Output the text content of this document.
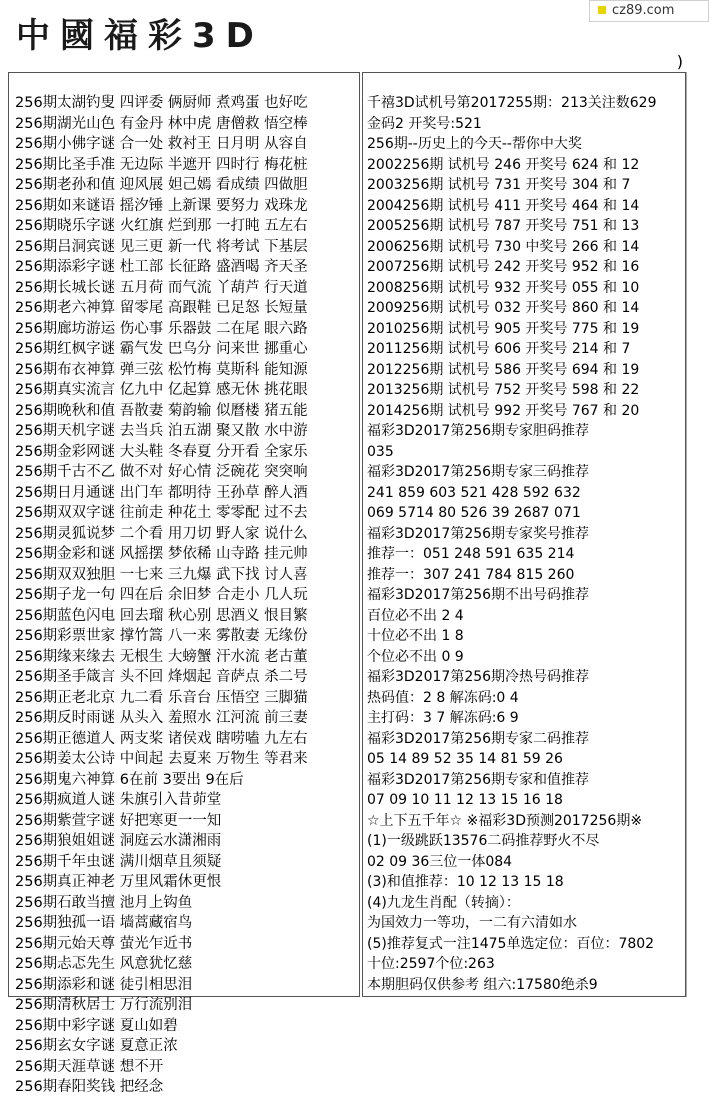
中國福彩3D
cz89.com
)
256期太湖钓叟 四评委 俩厨师 煮鸡蛋 也好吃
256期湖光山色 有金丹 林中虎 唐僧救 悟空棒
256期小佛字谜 合一处 救衬王 日月明 从容自
256期比圣手准 无边际 半遮开 四时行 梅花桩
256期老孙和值 迎风展 妲己嫣 看成绩 四做胆
256期如来谜语 摇汐锤 上新课 要努力 戏珠龙
256期晓乐字谜 火红旗 烂到那 一打盹 五左右
256期吕洞宾谜 见三更 新一代 将考试 下基层
256期添彩字谜 杜工部 长征路 盛酒喝 齐天圣
256期长城长谜 五月荷 而气流 丫葫芦 行天道
256期老六神算 留零尾 高跟鞋 已足怒 长短量
256期廊坊游运 伤心事 乐器鼓 二在尾 眼六路
256期红枫字谜 霸气发 巴乌分 问来世 挪重心
256期布衣神算 弹三弦 松竹梅 莫斯科 能知源
256期真实流言 亿九中 亿起算 感无休 挑花眼
256期晚秋和值 吾散妻 菊韵输 似曆楼 猪五能
256期天机字谜 去当兵 泊五湖 聚又散 水中游
256期金彩网谜 大头鞋 冬春夏 分开看 全家乐
256期千古不乙 做不对 好心情 泛碗花 突突响
256期日月通谜 出门车 都明待 王孙草 醉人酒
256期双双字谜 往前走 种花土 零零配 过不去
256期灵狐说梦 二个看 用刀切 野人家 说什么
256期金彩和谜 风摇摆 梦依稀 山寺路 挂元帅
256期双双独胆 一七来 三九爆 武下找 讨人喜
256期子龙一句 四在后 余旧梦 合走小 几人玩
256期蓝色闪电 回去瑠 秋心别 思酒义 恨目繁
256期彩票世家 撑竹篙 八一来 雾散妻 无缘份
256期缘来缘去 无根生 大螃蟹 汗水流 老古董
256期圣手箴言 头不回 烽烟起 音萨点 杀二号
256期正老北京 九二看 乐音台 压悟空 三脚猫
256期反时雨谜 从头入 羞照水 江河流 前三妻
256期正德道人 两支桨 诸侯戏 瞎唠嗑 九左右
256期姜太公诗 中间起 去夏来 万物生 等君来
256期鬼六神算 6在前 3要出 9在后
256期疯道人谜 朱旗引入昔茆堂
256期紫萱字谜 好把寒更一一知
256期狼姐姐谜 洞庭云水潇湘雨
256期千年虫谜 满川烟草且须疑
256期真正神老 万里风霜休更恨
256期石敢当擅 池月上钩鱼
256期独孤一语 墙蒿藏宿鸟
256期元始天尊 萤光乍近书
256期忐忑先生 风意犹忆慈
256期添彩和谜 徒引相思泪
256期清秋居士 万行流别泪
256期中彩字谜 夏山如碧
256期玄女字谜 夏意正浓
256期天涯草谜 想不开
256期春阳奖钱 把经念
千禧3D试机号第2017255期：213关注数629
金码2 开奖号:521
256期--历史上的今天--帮你中大奖
2002256期 试机号 246 开奖号 624 和 12
2003256期 试机号 731 开奖号 304 和 7
2004256期 试机号 411 开奖号 464 和 14
2005256期 试机号 787 开奖号 751 和 13
2006256期 试机号 730 中奖号 266 和 14
2007256期 试机号 242 开奖号 952 和 16
2008256期 试机号 932 开奖号 055 和 10
2009256期 试机号 032 开奖号 860 和 14
2010256期 试机号 905 开奖号 775 和 19
2011256期 试机号 606 开奖号 214 和 7
2012256期 试机号 586 开奖号 694 和 19
2013256期 试机号 752 开奖号 598 和 22
2014256期 试机号 992 开奖号 767 和 20
福彩3D2017第256期专家胆码推荐
035
福彩3D2017第256期专家三码推荐
241 859 603 521 428 592 632
069 5714 80 526 39 2687 071
福彩3D2017第256期专家奖号推荐
推荐一：051 248 591 635 214
推荐一：307 241 784 815 260
福彩3D2017第256期不出号码推荐
百位必不出 2 4
十位必不出 1 8
个位必不出 0 9
福彩3D2017第256期冷热号码推荐
热码值：2 8 解冻码:0 4
主打码：3 7 解冻码:6 9
福彩3D2017第256期专家二码推荐
05 14 89 52 35 14 81 59 26
福彩3D2017第256期专家和值推荐
07 09 10 11 12 13 15 16 18
☆上下五千年☆ ※福彩3D预测2017256期※
(1)一级跳跃13576二码推荐野火不尽
02 09 36三位一体084
(3)和值推荐：10 12 13 15 18
(4)九龙生肖配（转摘）：
为国效力一等功，一二有六清如水
(5)推荐复式一注1475单选定位：百位：7802
十位:2597个位:263
本期胆码仅供参考 组六:17580绝杀9
